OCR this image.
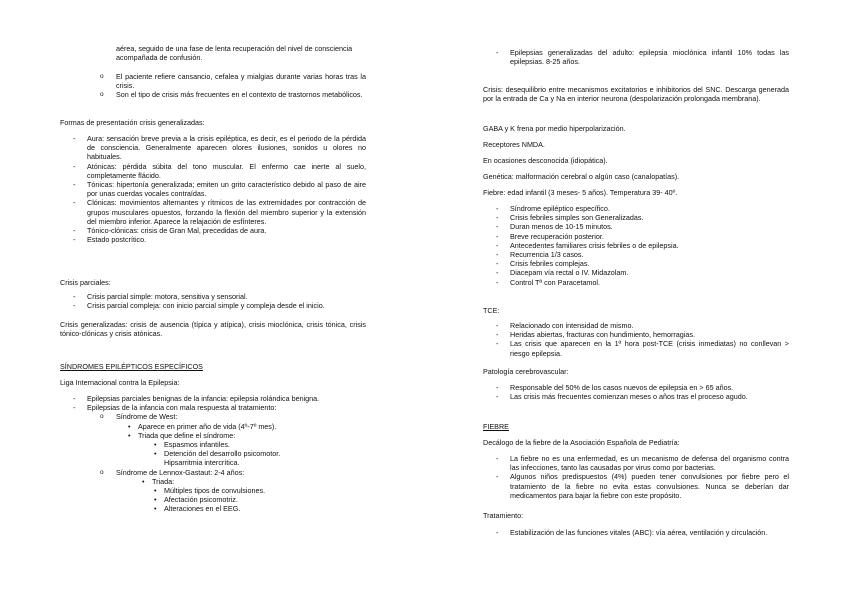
aérea, seguido de una fase de lenta recuperación del nivel de consciencia

acompañada de confusión.

o El paciente refiere cansancio, cefalea y mialgias durante varias horas tras la crisis.
o Son el tipo de crisis más frecuentes en el contexto de trastornos metabólicos.

Formas de presentación crisis generalizadas:

- Aura: sensación breve previa a la crisis epiléptica, es decir, es el periodo de la pérdida de consciencia. Generalmente aparecen olores ilusiones, sonidos u olores no habituales.
- Atónicas: pérdida súbita del tono muscular. El enfermo cae inerte al suelo, completamente flácido.
- Tónicas: hipertonía generalizada; emiten un grito característico debido al paso de aire por unas cuerdas vocales contraídas.
- Clónicas: movimientos alternantes y rítmicos de las extremidades por contracción de grupos musculares opuestos, forzando la flexión del miembro superior y la extensión del miembro inferior. Aparece la relajación de esfínteres.
- Tónico-clónicas: crisis de Gran Mal, precedidas de aura.
- Estado postcrítico.

Crisis parciales:

- Crisis parcial simple: motora, sensitiva y sensorial.
- Crisis parcial compleja: con inicio parcial simple y compleja desde el inicio.

Crisis generalizadas: crisis de ausencia (típica y atípica), crisis mioclónica, crisis tónica, crisis tónico-clónicas y crisis atónicas.

SÍNDROMES EPILÉPTICOS ESPECÍFICOS

Liga Internacional contra la Epilepsia:

- Epilepsias parciales benignas de la infancia: epilepsia rolándica benigna.
- Epilepsias de la infancia con mala respuesta al tratamiento:
o Síndrome de West:
• Aparece en primer año de vida (4º-7º mes).
• Triada que define el síndrome:
• Espasmos infantiles.
• Detención del desarrollo psicomotor.

Hipsarritmia intercrítica.

o Síndrome de Lennox-Gastaut: 2-4 años:
• Triada:
• Múltiples tipos de convulsiones.
• Afectación psicomotriz.
• Alteraciones en el EEG.
- Epilepsias generalizadas del adulto: epilepsia mioclónica infantil 10% todas las epilepsias. 8-25 años.

Crisis: desequilibrio entre mecanismos excitatorios e inhibitorios del SNC. Descarga generada por la entrada de Ca y Na en interior neurona (despolarización prolongada membrana).

GABA y K frena por medio hiperpolarización.

Receptores NMDA.

En ocasiones desconocida (idiopática).

Genética: malformación cerebral o algún caso (canalopatías).

Fiebre: edad infantil (3 meses- 5 años). Temperatura 39- 40º.

- Síndrome epiléptico específico.
- Crisis febriles simples son Generalizadas.
- Duran menos de 10-15 minutos.
- Breve recuperación posterior.
- Antecedentes familiares crisis febriles o de epilepsia.
- Recurrencia 1/3 casos.
- Crisis febriles complejas.
- Diacepam vía rectal o IV. Midazolam.
- Control Tª con Paracetamol.

TCE:

- Relacionado con intensidad de mismo.
- Heridas abiertas, fracturas con hundimiento, hemorragias.
- Las crisis que aparecen en la 1ª hora post-TCE (crisis inmediatas) no conllevan > riesgo epilepsia.

Patología cerebrovascular:

- Responsable del 50% de los casos nuevos de epilepsia en > 65 años.
- Las crisis más frecuentes comienzan meses o años tras el proceso agudo.

FIEBRE

Decálogo de la fiebre de la Asociación Española de Pediatría:

- La fiebre no es una enfermedad, es un mecanismo de defensa del organismo contra las infecciones, tanto las causadas por virus como por bacterias.
- Algunos niños predispuestos (4%) pueden tener convulsiones por fiebre pero el tratamiento de la fiebre no evita estas convulsiones. Nunca se deberían dar medicamentos para bajar la fiebre con este propósito.

Tratamiento:

- Estabilización de las funciones vitales (ABC): vía aérea, ventilación y circulación.
